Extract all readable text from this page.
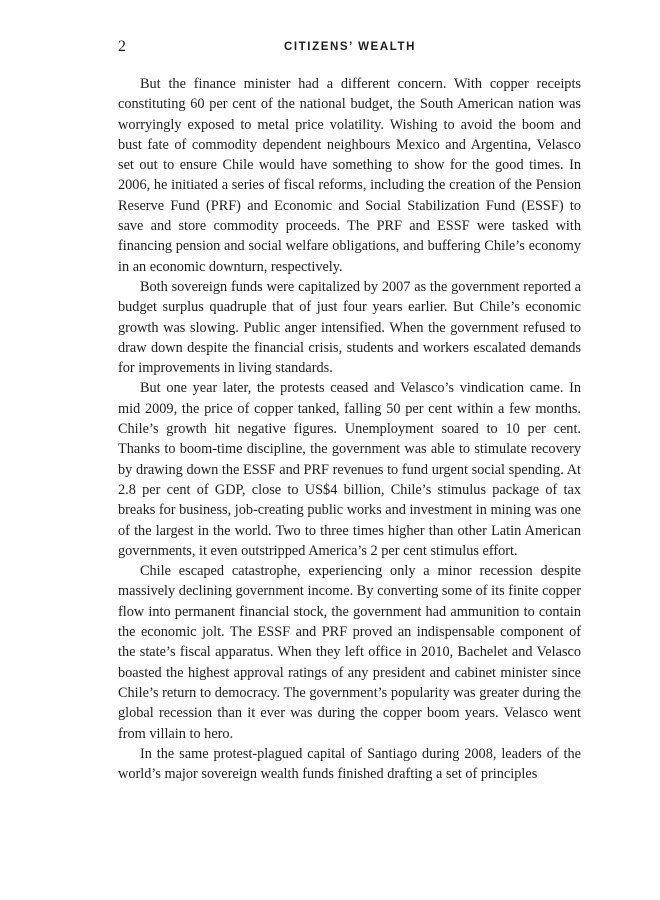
2	CITIZENS’ WEALTH

But the finance minister had a different concern. With copper receipts constituting 60 per cent of the national budget, the South American nation was worryingly exposed to metal price volatility. Wishing to avoid the boom and bust fate of commodity dependent neighbours Mexico and Argentina, Velasco set out to ensure Chile would have something to show for the good times. In 2006, he initiated a series of fiscal reforms, including the creation of the Pension Reserve Fund (PRF) and Economic and Social Stabilization Fund (ESSF) to save and store commodity proceeds. The PRF and ESSF were tasked with financing pension and social welfare obligations, and buffering Chile’s economy in an economic downturn, respectively.

Both sovereign funds were capitalized by 2007 as the government reported a budget surplus quadruple that of just four years earlier. But Chile’s economic growth was slowing. Public anger intensified. When the government refused to draw down despite the financial crisis, students and workers escalated demands for improvements in living standards.

But one year later, the protests ceased and Velasco’s vindication came. In mid 2009, the price of copper tanked, falling 50 per cent within a few months. Chile’s growth hit negative figures. Unemployment soared to 10 per cent. Thanks to boom-time discipline, the government was able to stimulate recovery by drawing down the ESSF and PRF revenues to fund urgent social spending. At 2.8 per cent of GDP, close to US$4 billion, Chile’s stimulus package of tax breaks for business, job-creating public works and investment in mining was one of the largest in the world. Two to three times higher than other Latin American governments, it even outstripped America’s 2 per cent stimulus effort.

Chile escaped catastrophe, experiencing only a minor recession despite massively declining government income. By converting some of its finite copper flow into permanent financial stock, the government had ammunition to contain the economic jolt. The ESSF and PRF proved an indispensable component of the state’s fiscal apparatus. When they left office in 2010, Bachelet and Velasco boasted the highest approval ratings of any president and cabinet minister since Chile’s return to democracy. The government’s popularity was greater during the global recession than it ever was during the copper boom years. Velasco went from villain to hero.

In the same protest-plagued capital of Santiago during 2008, leaders of the world’s major sovereign wealth funds finished drafting a set of principles
